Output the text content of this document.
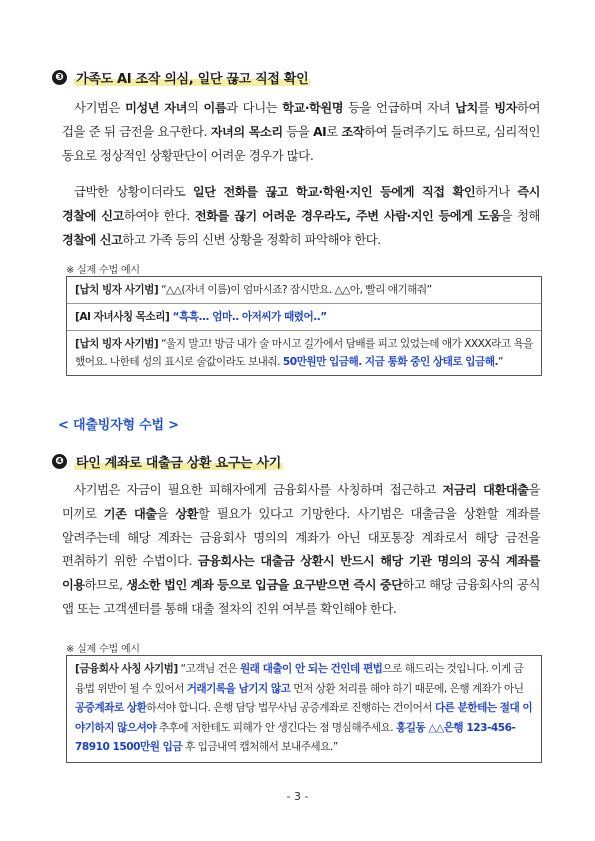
❸ 가족도 AI 조작 의심, 일단 끊고 직접 확인
사기범은 미성년 자녀의 이름과 다니는 학교·학원명 등을 언급하며 자녀 납치를 빙자하여 겁을 준 뒤 금전을 요구한다. 자녀의 목소리 등을 AI로 조작하여 들려주기도 하므로, 심리적인 동요로 정상적인 상황판단이 어려운 경우가 많다.
급박한 상황이더라도 일단 전화를 끊고 학교·학원·지인 등에게 직접 확인하거나 즉시 경찰에 신고하여야 한다. 전화를 끊기 어려운 경우라도, 주변 사람·지인 등에게 도움을 청해 경찰에 신고하고 가족 등의 신변 상황을 정확히 파악해야 한다.
※ 실제 수법 예시
[납치 빙자 사기범] “△△(자녀 이름)이 엄마시죠? 잠시만요. △△아, 빨리 얘기해줘”
[AI 자녀사칭 목소리] “흑흑... 엄마.. 아저씨가 때렸어..”
[납치 빙자 사기범] “울지 말고! 방금 내가 술 마시고 길가에서 담배를 피고 있었는데 애가 XXXX라고 욕을 했어요. 나한테 성의 표시로 술값이라도 보내줘. 50만원만 입금해. 지금 통화 중인 상태로 입금해.”
< 대출빙자형 수법 >
❹ 타인 계좌로 대출금 상환 요구는 사기
사기범은 자금이 필요한 피해자에게 금융회사를 사칭하며 접근하고 저금리 대환대출을 미끼로 기존 대출을 상환할 필요가 있다고 기망한다. 사기범은 대출금을 상환할 계좌를 알려주는데 해당 계좌는 금융회사 명의의 계좌가 아닌 대포통장 계좌로서 해당 금전을 편취하기 위한 수법이다. 금융회사는 대출금 상환시 반드시 해당 기관 명의의 공식 계좌를 이용하므로, 생소한 법인 계좌 등으로 입금을 요구받으면 즉시 중단하고 해당 금융회사의 공식 앱 또는 고객센터를 통해 대출 절차의 진위 여부를 확인해야 한다.
※ 실제 수법 예시
[금융회사 사칭 사기범] “고객님 건은 원래 대출이 안 되는 건인데 편법으로 해드리는 것입니다. 이게 금융법 위반이 될 수 있어서 거래기록을 남기지 않고 먼저 상환 처리를 해야 하기 때문에, 은행 계좌가 아닌 공증계좌로 상환하셔야 합니다. 은행 담당 법무사님 공증계좌로 진행하는 건이어서 다른 분한테는 절대 이야기하지 않으셔야 추후에 저한테도 피해가 안 생긴다는 점 명심해주세요. 홍길동 △△은행 123-456-78910 1500만원 입금 후 입금내역 캡처해서 보내주세요.”
- 3 -
